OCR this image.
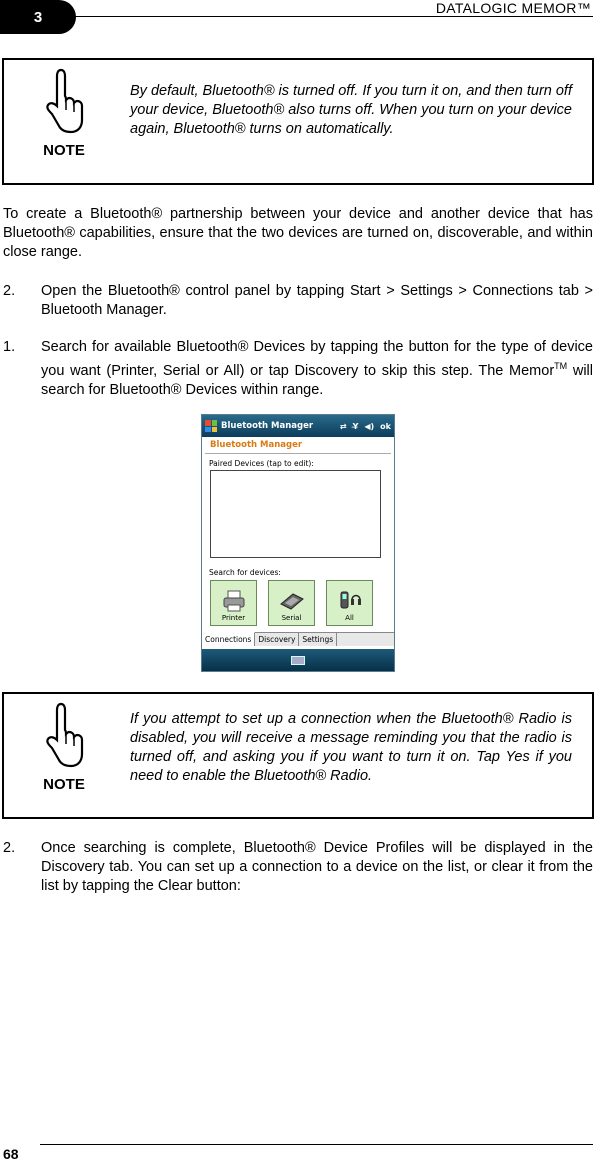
3
DATALOGIC MEMOR™
NOTE
By default, Bluetooth® is turned off. If you turn it on, and then turn off your device, Bluetooth® also turns off. When you turn on your device again, Bluetooth® turns on automatically.
To create a Bluetooth® partnership between your device and another device that has Bluetooth® capabilities, ensure that the two devices are turned on, discoverable, and within close range.
2.	Open the Bluetooth® control panel by tapping Start > Settings > Connections tab > Bluetooth Manager.
1.	Search for available Bluetooth® Devices by tapping the button for the type of device you want (Printer, Serial or All) or tap Discovery to skip this step. The Memor™ will search for Bluetooth® Devices within range.
Bluetooth Manager	⇄ Y̶ ◀) ok
Bluetooth Manager
Paired Devices (tap to edit):
Search for devices:
Printer	Serial	All
Connections Discovery Settings
NOTE
If you attempt to set up a connection when the Bluetooth® Radio is disabled, you will receive a message reminding you that the radio is turned off, and asking you if you want to turn it on. Tap Yes if you need to enable the Bluetooth® Radio.
2.	Once searching is complete, Bluetooth® Device Profiles will be displayed in the Discovery tab. You can set up a connection to a device on the list, or clear it from the list by tapping the Clear button:
68
